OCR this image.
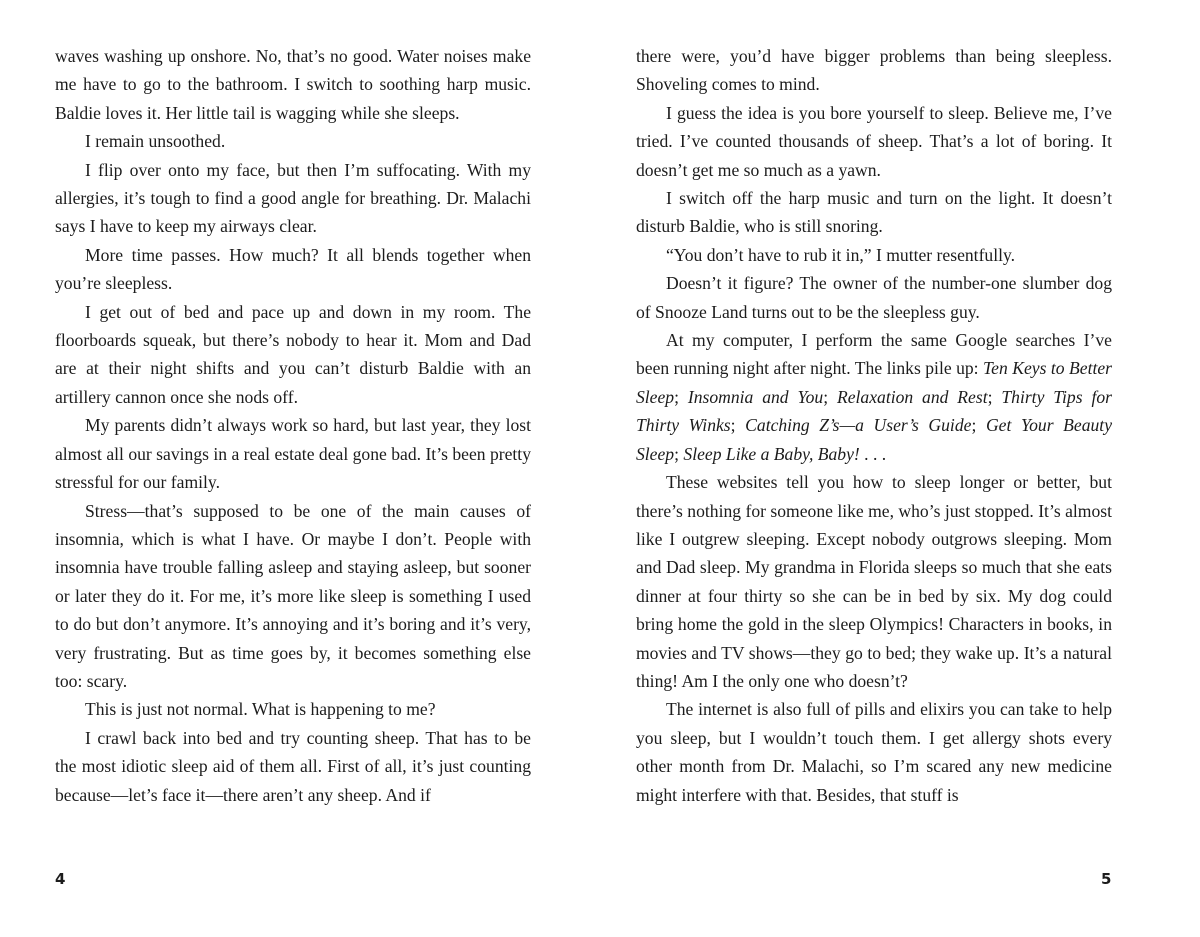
waves washing up onshore. No, that’s no good. Water noises make me have to go to the bathroom. I switch to soothing harp music. Baldie loves it. Her little tail is wagging while she sleeps.

I remain unsoothed.

I flip over onto my face, but then I’m suffocating. With my allergies, it’s tough to find a good angle for breathing. Dr. Malachi says I have to keep my airways clear.

More time passes. How much? It all blends together when you’re sleepless.

I get out of bed and pace up and down in my room. The floorboards squeak, but there’s nobody to hear it. Mom and Dad are at their night shifts and you can’t disturb Baldie with an artillery cannon once she nods off.

My parents didn’t always work so hard, but last year, they lost almost all our savings in a real estate deal gone bad. It’s been pretty stressful for our family.

Stress—that’s supposed to be one of the main causes of insomnia, which is what I have. Or maybe I don’t. People with insomnia have trouble falling asleep and staying asleep, but sooner or later they do it. For me, it’s more like sleep is something I used to do but don’t anymore. It’s annoying and it’s boring and it’s very, very frustrating. But as time goes by, it becomes something else too: scary.

This is just not normal. What is happening to me?

I crawl back into bed and try counting sheep. That has to be the most idiotic sleep aid of them all. First of all, it’s just counting because—let’s face it—there aren’t any sheep. And if

there were, you’d have bigger problems than being sleepless. Shoveling comes to mind.

I guess the idea is you bore yourself to sleep. Believe me, I’ve tried. I’ve counted thousands of sheep. That’s a lot of boring. It doesn’t get me so much as a yawn.

I switch off the harp music and turn on the light. It doesn’t disturb Baldie, who is still snoring.

“You don’t have to rub it in,” I mutter resentfully.

Doesn’t it figure? The owner of the number-one slumber dog of Snooze Land turns out to be the sleepless guy.

At my computer, I perform the same Google searches I’ve been running night after night. The links pile up: Ten Keys to Better Sleep; Insomnia and You; Relaxation and Rest; Thirty Tips for Thirty Winks; Catching Z’s—a User’s Guide; Get Your Beauty Sleep; Sleep Like a Baby, Baby! . . .

These websites tell you how to sleep longer or better, but there’s nothing for someone like me, who’s just stopped. It’s almost like I outgrew sleeping. Except nobody outgrows sleeping. Mom and Dad sleep. My grandma in Florida sleeps so much that she eats dinner at four thirty so she can be in bed by six. My dog could bring home the gold in the sleep Olympics! Characters in books, in movies and TV shows—they go to bed; they wake up. It’s a natural thing! Am I the only one who doesn’t?

The internet is also full of pills and elixirs you can take to help you sleep, but I wouldn’t touch them. I get allergy shots every other month from Dr. Malachi, so I’m scared any new medicine might interfere with that. Besides, that stuff is

4	5
